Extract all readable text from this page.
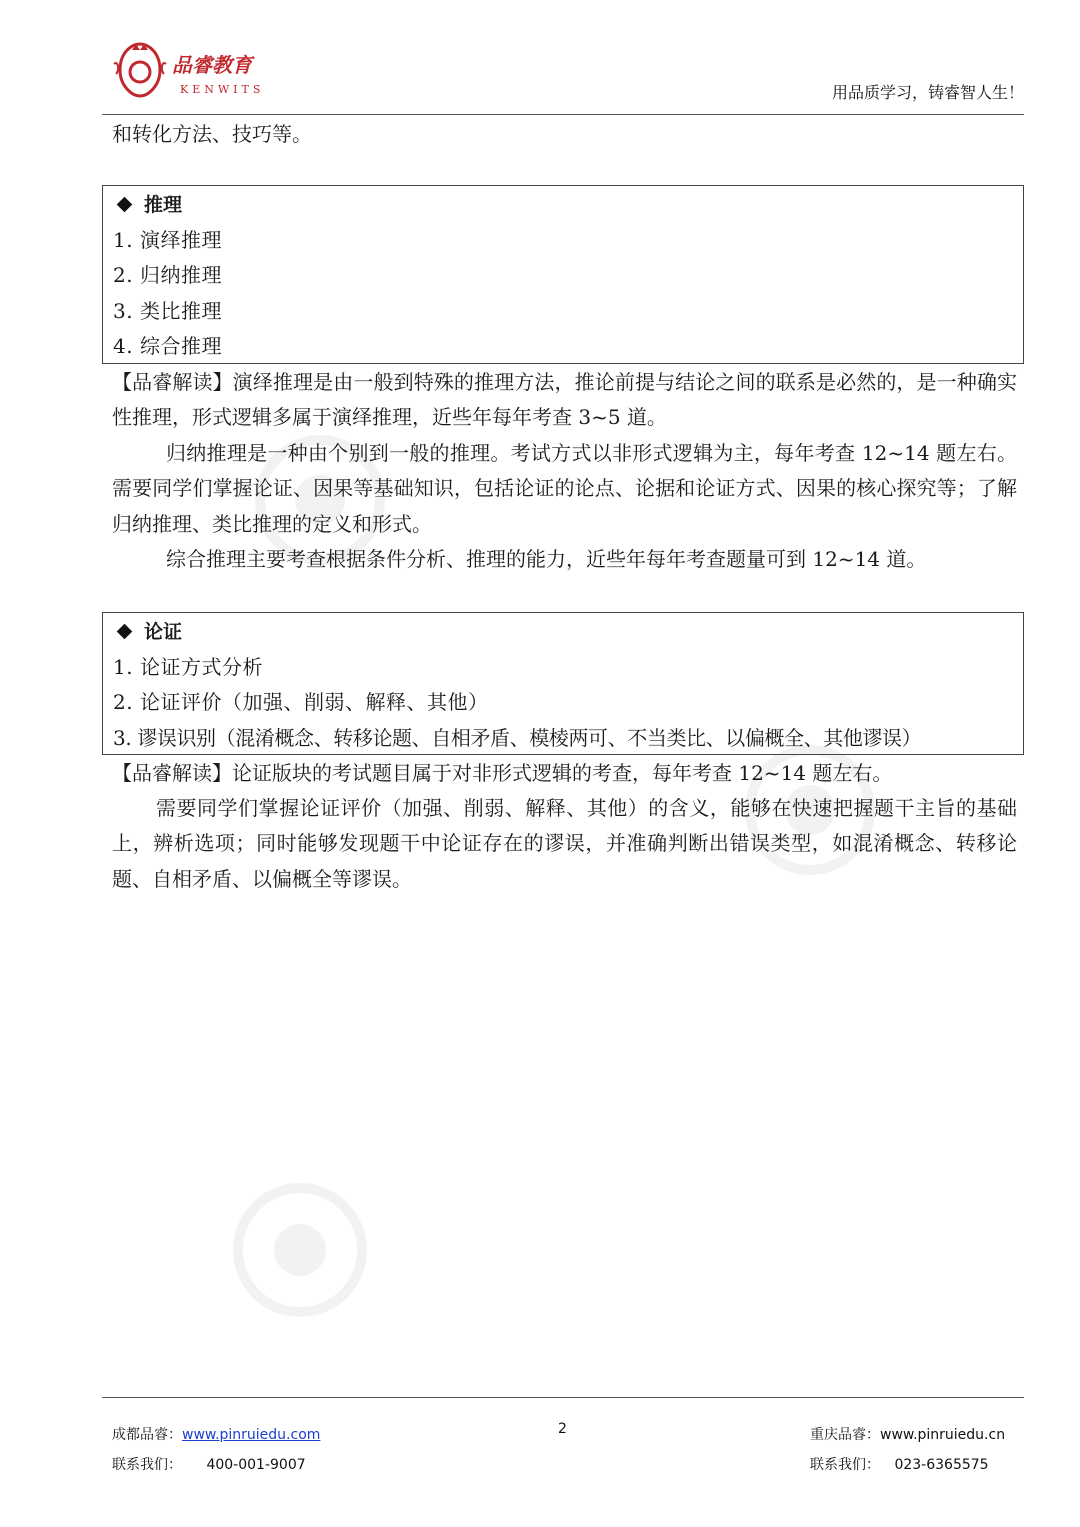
品睿教育
KENWITS	用品质学习，铸睿智人生！
和转化方法、技巧等。
推理
1. 演绎推理
2. 归纳推理
3. 类比推理
4. 综合推理
【品睿解读】演绎推理是由一般到特殊的推理方法，推论前提与结论之间的联系是必然的，是一种确实性推理，形式逻辑多属于演绎推理，近些年每年考查 3~5 道。
归纳推理是一种由个别到一般的推理。考试方式以非形式逻辑为主，每年考查 12~14 题左右。需要同学们掌握论证、因果等基础知识，包括论证的论点、论据和论证方式、因果的核心探究等；了解归纳推理、类比推理的定义和形式。
综合推理主要考查根据条件分析、推理的能力，近些年每年考查题量可到 12~14 道。
论证
1. 论证方式分析
2. 论证评价（加强、削弱、解释、其他）
3. 谬误识别（混淆概念、转移论题、自相矛盾、模棱两可、不当类比、以偏概全、其他谬误）
【品睿解读】论证版块的考试题目属于对非形式逻辑的考查，每年考查 12~14 题左右。
需要同学们掌握论证评价（加强、削弱、解释、其他）的含义，能够在快速把握题干主旨的基础上，辨析选项；同时能够发现题干中论证存在的谬误，并准确判断出错误类型，如混淆概念、转移论题、自相矛盾、以偏概全等谬误。
成都品睿：www.pinruiedu.com
联系我们： 400-001-9007
2	重庆品睿：www.pinruiedu.cn
联系我们： 023-6365575
